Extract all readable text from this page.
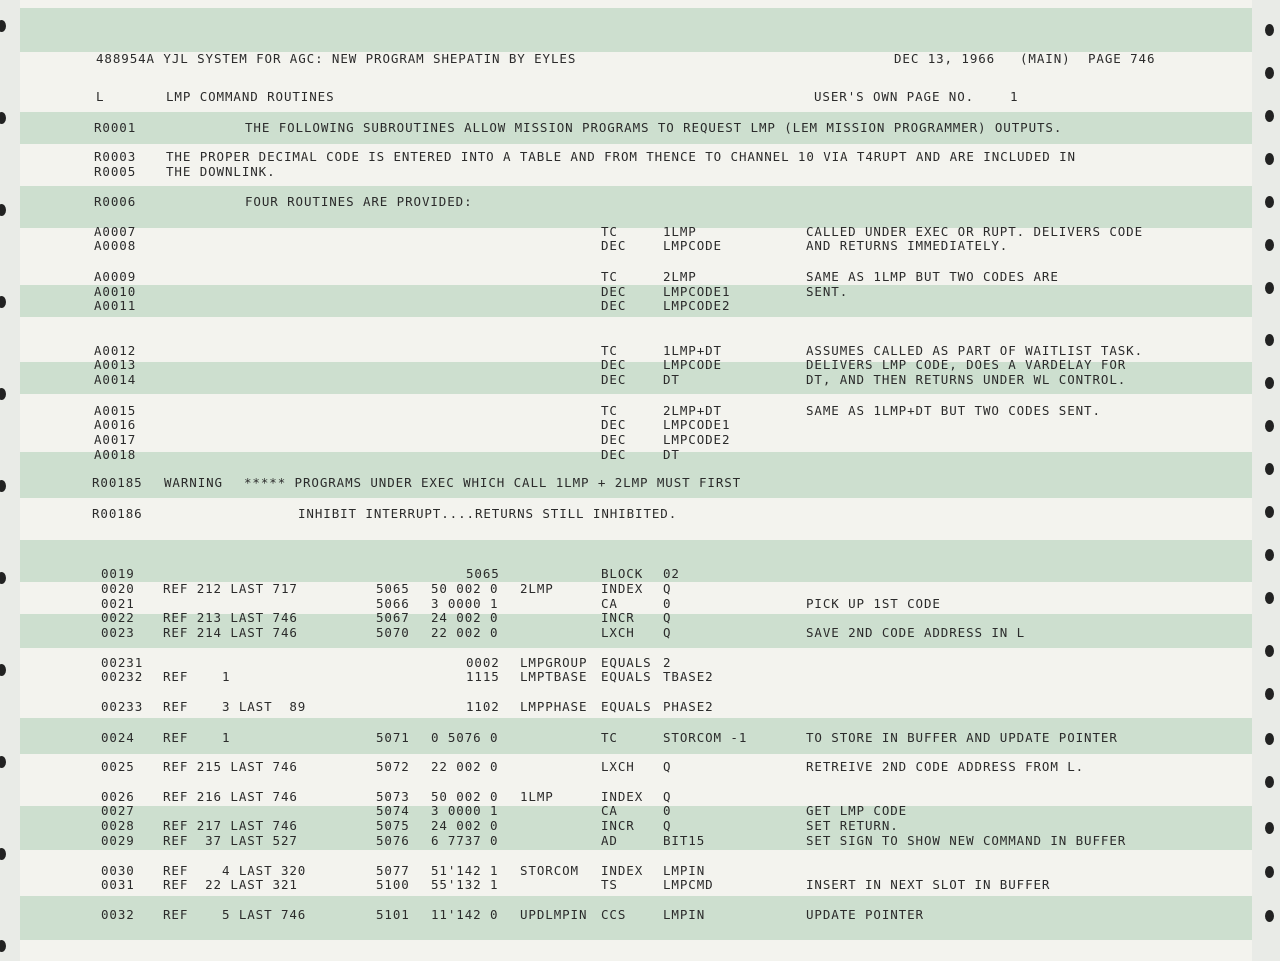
488954A YJL SYSTEM FOR AGC: NEW PROGRAM SHEPATIN BY EYLES	DEC 13, 1966 (MAIN) PAGE 746
L	LMP COMMAND ROUTINES	USER'S OWN PAGE NO.	1
R0001	THE FOLLOWING SUBROUTINES ALLOW MISSION PROGRAMS TO REQUEST LMP (LEM MISSION PROGRAMMER) OUTPUTS.
R0003 THE PROPER DECIMAL CODE IS ENTERED INTO A TABLE AND FROM THENCE TO CHANNEL 10 VIA T4RUPT AND ARE INCLUDED IN
R0005 THE DOWNLINK.
R0006	FOUR ROUTINES ARE PROVIDED:
A0007	TC	1LMP	CALLED UNDER EXEC OR RUPT. DELIVERS CODE
A0008	DEC	LMPCODE	AND RETURNS IMMEDIATELY.
A0009	TC	2LMP	SAME AS 1LMP BUT TWO CODES ARE
A0010	DEC	LMPCODE1	SENT.
A0011	DEC	LMPCODE2
A0012	TC	1LMP+DT	ASSUMES CALLED AS PART OF WAITLIST TASK.
A0013	DEC	LMPCODE	DELIVERS LMP CODE, DOES A VARDELAY FOR
A0014	DEC	DT	DT, AND THEN RETURNS UNDER WL CONTROL.
A0015	TC	2LMP+DT	SAME AS 1LMP+DT BUT TWO CODES SENT.
A0016	DEC	LMPCODE1
A0017	DEC	LMPCODE2
A0018	DEC	DT
R00185 WARNING ***** PROGRAMS UNDER EXEC WHICH CALL 1LMP + 2LMP MUST FIRST
R00186	INHIBIT INTERRUPT....RETURNS STILL INHIBITED.
0019	5065	BLOCK 02
0020 REF 212 LAST 717	5065 50 002 0 2LMP	INDEX Q
0021	5066 3 0000 1	CA	0	PICK UP 1ST CODE
0022 REF 213 LAST 746	5067 24 002 0	INCR Q
0023 REF 214 LAST 746	5070 22 002 0	LXCH Q	SAVE 2ND CODE ADDRESS IN L
00231	0002 LMPGROUP EQUALS 2
00232 REF    1	1115 LMPTBASE EQUALS TBASE2
00233 REF    3 LAST  89	1102 LMPPHASE EQUALS PHASE2
0024 REF    1	5071 0 5076 0	TC	STORCOM -1	TO STORE IN BUFFER AND UPDATE POINTER
0025 REF 215 LAST 746	5072 22 002 0	LXCH Q	RETREIVE 2ND CODE ADDRESS FROM L.
0026 REF 216 LAST 746	5073 50 002 0 1LMP	INDEX Q
0027	5074 3 0000 1	CA	0	GET LMP CODE
0028 REF 217 LAST 746	5075 24 002 0	INCR Q	SET RETURN.
0029 REF  37 LAST 527	5076 6 7737 0	AD	BIT15	SET SIGN TO SHOW NEW COMMAND IN BUFFER
0030 REF    4 LAST 320	5077 51'142 1 STORCOM INDEX LMPIN
0031 REF  22 LAST 321	5100 55'132 1	TS	LMPCMD	INSERT IN NEXT SLOT IN BUFFER
0032 REF    5 LAST 746	5101 11'142 0 UPDLMPIN CCS	LMPIN	UPDATE POINTER
